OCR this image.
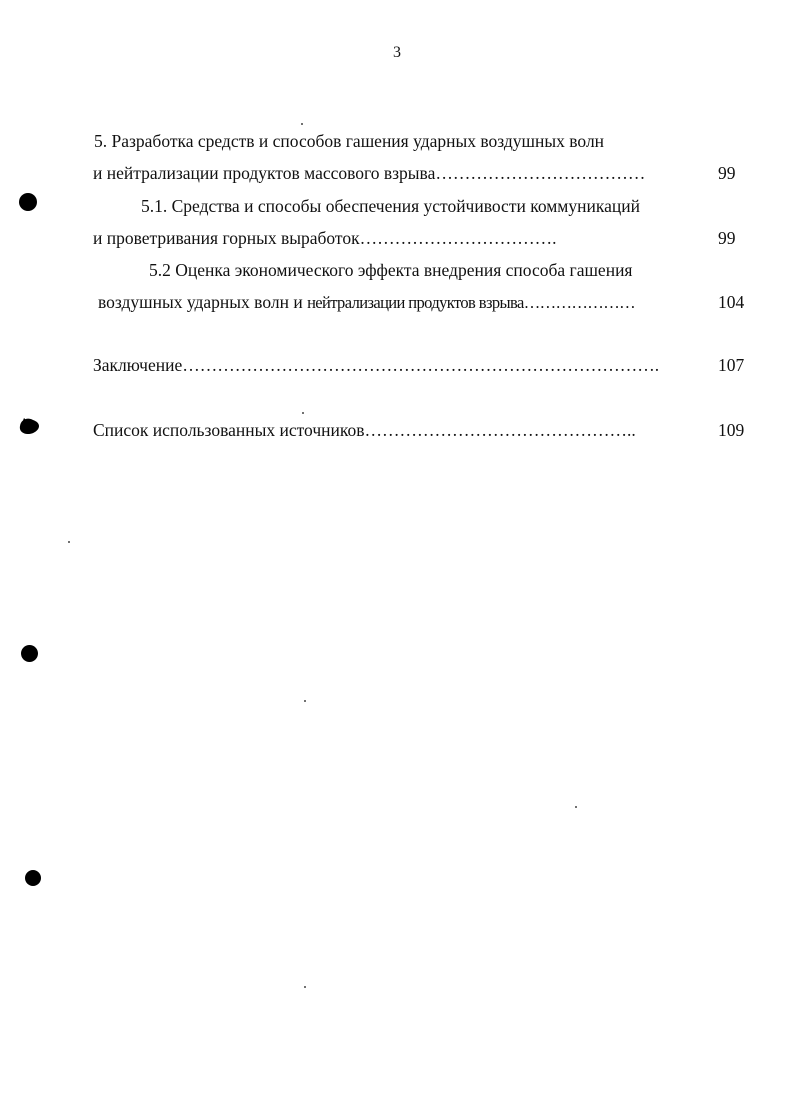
3
5. Разработка средств и способов гашения ударных воздушных волн
и нейтрализации продуктов массового взрыва………………………………	99
5.1. Средства и способы обеспечения устойчивости коммуникаций
и проветривания горных выработок…………………………….	99
5.2 Оценка экономического эффекта внедрения способа гашения
воздушных ударных волн и нейтрализации продуктов взрыва…………………	104
Заключение……………………………………………………………………….	107
Список использованных источников………………………………………..	109
